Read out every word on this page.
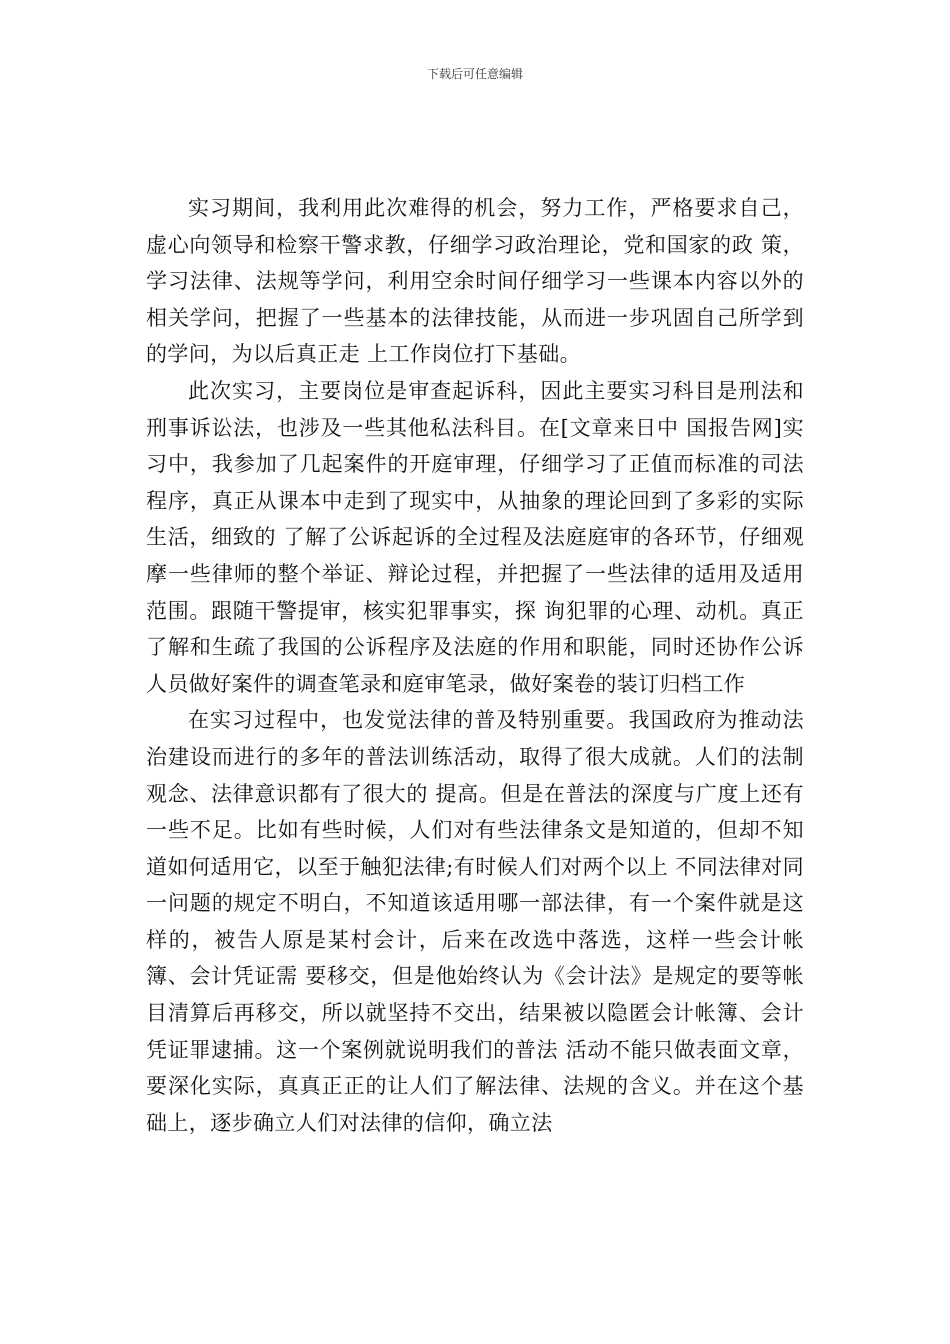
下载后可任意编辑

实习期间，我利用此次难得的机会，努力工作，严格要求自己，虚心向领导和检察干警求教，仔细学习政治理论，党和国家的政 策，学习法律、法规等学问，利用空余时间仔细学习一些课本内容以外的相关学问，把握了一些基本的法律技能，从而进一步巩固自己所学到的学问，为以后真正走 上工作岗位打下基础。

此次实习，主要岗位是审查起诉科，因此主要实习科目是刑法和刑事诉讼法，也涉及一些其他私法科目。在[文章来日中 国报告网]实习中，我参加了几起案件的开庭审理，仔细学习了正值而标准的司法程序，真正从课本中走到了现实中，从抽象的理论回到了多彩的实际生活，细致的 了解了公诉起诉的全过程及法庭庭审的各环节，仔细观摩一些律师的整个举证、辩论过程，并把握了一些法律的适用及适用范围。跟随干警提审，核实犯罪事实，探 询犯罪的心理、动机。真正了解和生疏了我国的公诉程序及法庭的作用和职能，同时还协作公诉人员做好案件的调查笔录和庭审笔录，做好案卷的装订归档工作

在实习过程中，也发觉法律的普及特别重要。我国政府为推动法治建设而进行的多年的普法训练活动，取得了很大成就。人们的法制观念、法律意识都有了很大的 提高。但是在普法的深度与广度上还有一些不足。比如有些时候，人们对有些法律条文是知道的，但却不知道如何适用它，以至于触犯法律;有时候人们对两个以上 不同法律对同一问题的规定不明白，不知道该适用哪一部法律，有一个案件就是这样的，被告人原是某村会计，后来在改选中落选，这样一些会计帐簿、会计凭证需 要移交，但是他始终认为《会计法》是规定的要等帐目清算后再移交，所以就坚持不交出，结果被以隐匿会计帐簿、会计凭证罪逮捕。这一个案例就说明我们的普法 活动不能只做表面文章，要深化实际，真真正正的让人们了解法律、法规的含义。并在这个基础上，逐步确立人们对法律的信仰，确立法
